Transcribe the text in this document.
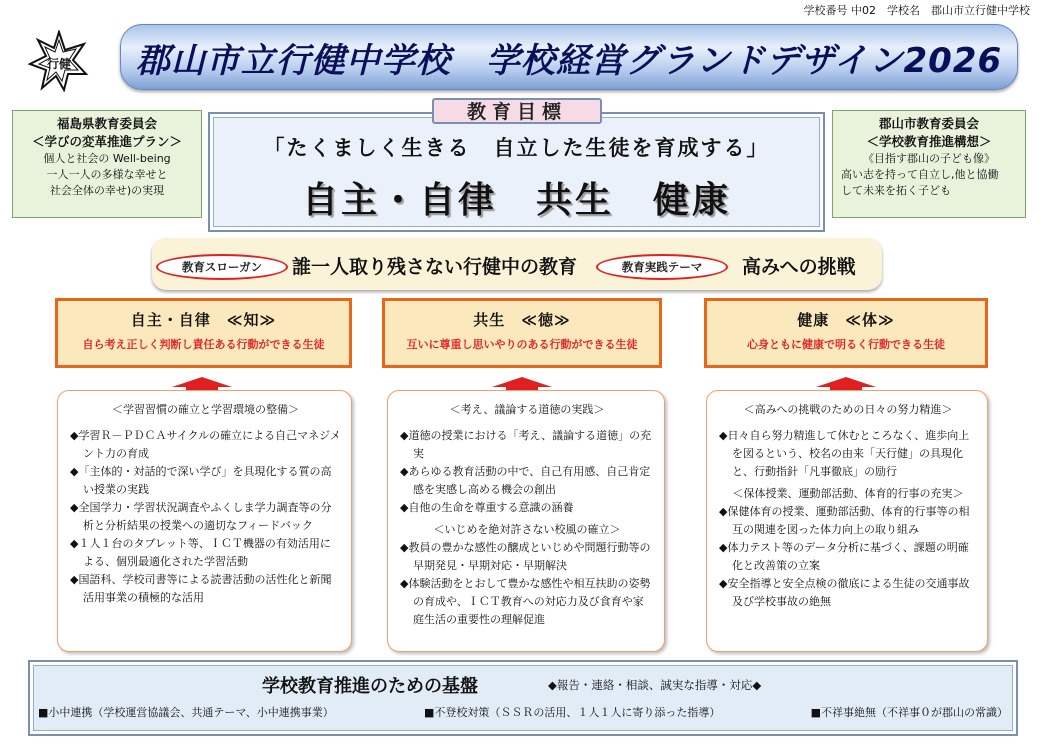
学校番号 中02　学校名　郡山市立行健中学校
行健 郡山市立行健中学校　学校経営グランドデザイン2026
福島県教育委員会
＜学びの変革推進プラン＞
個人と社会の Well-being
一人一人の多様な幸せと
社会全体の幸せ)の実現
教育目標
「たくましく生きる　自立した生徒を育成する」
自主・自律　共生　健康
郡山市教育委員会
＜学校教育推進構想＞
《目指す郡山の子ども像》
高い志を持って自立し,他と協働
して未来を拓く子ども
教育スローガン	誰一人取り残さない行健中の教育	教育実践テーマ	高みへの挑戦
自主・自律　≪知≫
自ら考え正しく判断し責任ある行動ができる生徒
共生　≪徳≫
互いに尊重し思いやりのある行動ができる生徒
健康　≪体≫
心身ともに健康で明るく行動できる生徒
＜学習習慣の確立と学習環境の整備＞
◆学習Ｒ－ＰＤＣＡサイクルの確立による自己マネジメント力の育成
◆「主体的・対話的で深い学び」を具現化する質の高い授業の実践
◆全国学力・学習状況調査やふくしま学力調査等の分析と分析結果の授業への適切なフィードバック
◆１人１台のタブレット等、ＩＣＴ機器の有効活用による、個別最適化された学習活動
◆国語科、学校司書等による読書活動の活性化と新聞活用事業の積極的な活用
＜考え、議論する道徳の実践＞
◆道徳の授業における「考え、議論する道徳」の充実
◆あらゆる教育活動の中で、自己有用感、自己肯定感を実感し高める機会の創出
◆自他の生命を尊重する意識の涵養
＜いじめを絶対許さない校風の確立＞
◆教員の豊かな感性の醸成といじめや問題行動等の早期発見・早期対応・早期解決
◆体験活動をとおして豊かな感性や相互扶助の姿勢の育成や、ＩＣＴ教育への対応力及び食育や家庭生活の重要性の理解促進
＜高みへの挑戦のための日々の努力精進＞
◆日々自ら努力精進して休むところなく、進歩向上を図るという、校名の由来「天行健」の具現化と、行動指針「凡事徹底」の励行
＜保体授業、運動部活動、体育的行事の充実＞
◆保健体育の授業、運動部活動、体育的行事等の相互の関連を図った体力向上の取り組み
◆体力テスト等のデータ分析に基づく、課題の明確化と改善策の立案
◆安全指導と安全点検の徹底による生徒の交通事故及び学校事故の絶無
学校教育推進のための基盤	◆報告・連絡・相談、誠実な指導・対応◆
■小中連携（学校運営協議会、共通テーマ、小中連携事業）	■不登校対策（ＳＳＲの活用、１人１人に寄り添った指導）	■不祥事絶無（不祥事０が郡山の常識）
